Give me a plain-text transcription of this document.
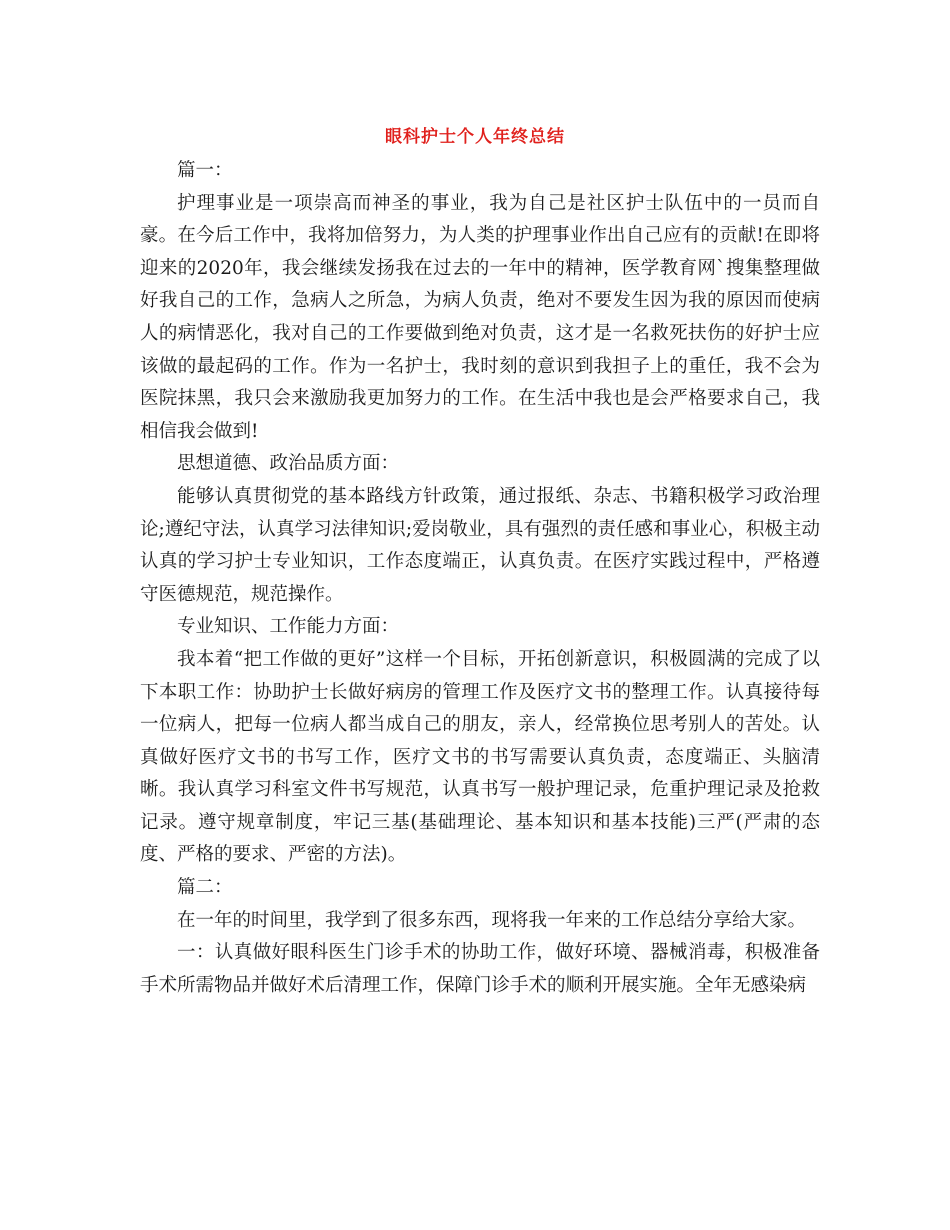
眼科护士个人年终总结

篇一：

护理事业是一项崇高而神圣的事业，我为自己是社区护士队伍中的一员而自豪。在今后工作中，我将加倍努力，为人类的护理事业作出自己应有的贡献!在即将迎来的2020年，我会继续发扬我在过去的一年中的精神，医学教育网`搜集整理做好我自己的工作，急病人之所急，为病人负责，绝对不要发生因为我的原因而使病人的病情恶化，我对自己的工作要做到绝对负责，这才是一名救死扶伤的好护士应该做的最起码的工作。作为一名护士，我时刻的意识到我担子上的重任，我不会为医院抹黑，我只会来激励我更加努力的工作。在生活中我也是会严格要求自己，我相信我会做到!

思想道德、政治品质方面：

能够认真贯彻党的基本路线方针政策，通过报纸、杂志、书籍积极学习政治理论;遵纪守法，认真学习法律知识;爱岗敬业，具有强烈的责任感和事业心，积极主动认真的学习护士专业知识，工作态度端正，认真负责。在医疗实践过程中，严格遵守医德规范，规范操作。

专业知识、工作能力方面：

我本着“把工作做的更好”这样一个目标，开拓创新意识，积极圆满的完成了以下本职工作：协助护士长做好病房的管理工作及医疗文书的整理工作。认真接待每一位病人，把每一位病人都当成自己的朋友，亲人，经常换位思考别人的苦处。认真做好医疗文书的书写工作，医疗文书的书写需要认真负责，态度端正、头脑清晰。我认真学习科室文件书写规范，认真书写一般护理记录，危重护理记录及抢救记录。遵守规章制度，牢记三基(基础理论、基本知识和基本技能)三严(严肃的态度、严格的要求、严密的方法)。

篇二：

在一年的时间里，我学到了很多东西，现将我一年来的工作总结分享给大家。

一：认真做好眼科医生门诊手术的协助工作，做好环境、器械消毒，积极准备手术所需物品并做好术后清理工作，保障门诊手术的顺利开展实施。全年无感染病
